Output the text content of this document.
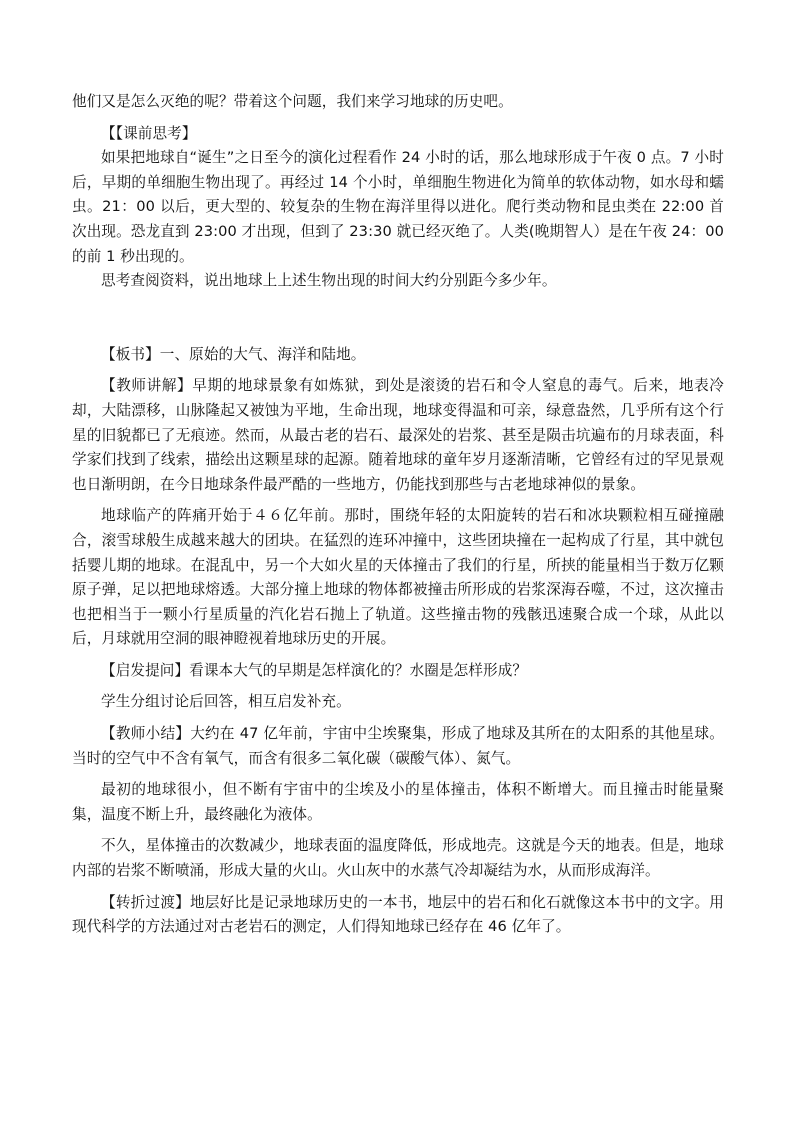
他们又是怎么灭绝的呢？带着这个问题，我们来学习地球的历史吧。

【【课前思考】

如果把地球自“诞生”之日至今的演化过程看作 24 小时的话，那么地球形成于午夜 0 点。7 小时后，早期的单细胞生物出现了。再经过 14 个小时，单细胞生物进化为简单的软体动物，如水母和蠕虫。21：00 以后，更大型的、较复杂的生物在海洋里得以进化。爬行类动物和昆虫类在 22:00 首次出现。恐龙直到 23:00 才出现，但到了 23:30 就已经灭绝了。人类(晚期智人）是在午夜 24：00 的前 1 秒出现的。

思考查阅资料，说出地球上上述生物出现的时间大约分别距今多少年。

【板书】一、原始的大气、海洋和陆地。

【教师讲解】早期的地球景象有如炼狱，到处是滚烫的岩石和令人窒息的毒气。后来，地表冷却，大陆漂移，山脉隆起又被蚀为平地，生命出现，地球变得温和可亲，绿意盎然，几乎所有这个行星的旧貌都已了无痕迹。然而，从最古老的岩石、最深处的岩浆、甚至是陨击坑遍布的月球表面，科学家们找到了线索，描绘出这颗星球的起源。随着地球的童年岁月逐渐清晰，它曾经有过的罕见景观也日渐明朗，在今日地球条件最严酷的一些地方，仍能找到那些与古老地球神似的景象。

地球临产的阵痛开始于４６亿年前。那时，围绕年轻的太阳旋转的岩石和冰块颗粒相互碰撞融合，滚雪球般生成越来越大的团块。在猛烈的连环冲撞中，这些团块撞在一起构成了行星，其中就包括婴儿期的地球。在混乱中，另一个大如火星的天体撞击了我们的行星，所挟的能量相当于数万亿颗原子弹，足以把地球熔透。大部分撞上地球的物体都被撞击所形成的岩浆深海吞噬，不过，这次撞击也把相当于一颗小行星质量的汽化岩石抛上了轨道。这些撞击物的残骸迅速聚合成一个球，从此以后，月球就用空洞的眼神瞪视着地球历史的开展。

【启发提问】看课本大气的早期是怎样演化的？水圈是怎样形成？

学生分组讨论后回答，相互启发补充。

【教师小结】大约在 47 亿年前，宇宙中尘埃聚集，形成了地球及其所在的太阳系的其他星球。当时的空气中不含有氧气，而含有很多二氧化碳（碳酸气体）、氮气。

最初的地球很小，但不断有宇宙中的尘埃及小的星体撞击，体积不断增大。而且撞击时能量聚集，温度不断上升，最终融化为液体。

不久，星体撞击的次数减少，地球表面的温度降低，形成地壳。这就是今天的地表。但是，地球内部的岩浆不断喷涌，形成大量的火山。火山灰中的水蒸气冷却凝结为水，从而形成海洋。

【转折过渡】地层好比是记录地球历史的一本书，地层中的岩石和化石就像这本书中的文字。用现代科学的方法通过对古老岩石的测定，人们得知地球已经存在 46 亿年了。
